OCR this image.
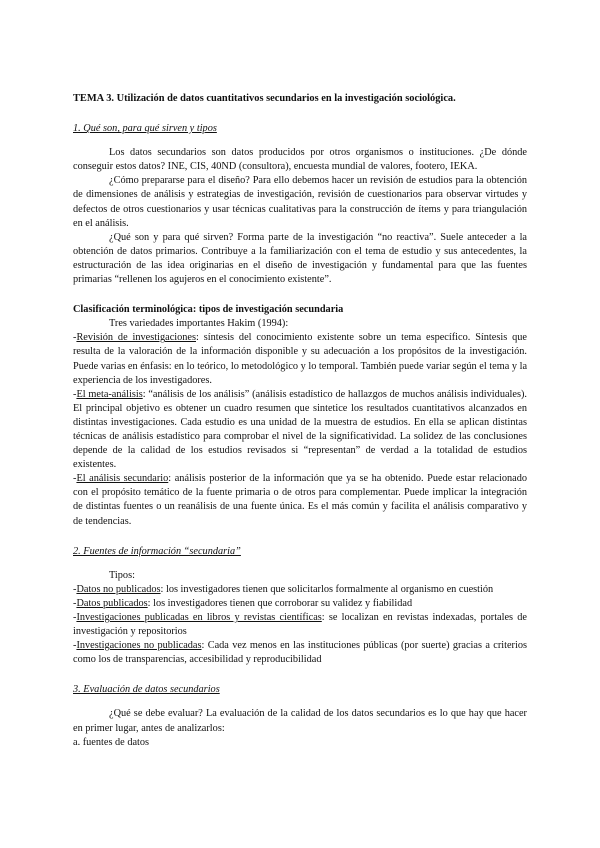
TEMA 3. Utilización de datos cuantitativos secundarios en la investigación sociológica.

1. Qué son, para qué sirven y tipos

Los datos secundarios son datos producidos por otros organismos o instituciones. ¿De dónde conseguir estos datos? INE, CIS, 40ND (consultora), encuesta mundial de valores, footero, IEKA.

¿Cómo prepararse para el diseño? Para ello debemos hacer un revisión de estudios para la obtención de dimensiones de análisis y estrategias de investigación, revisión de cuestionarios para observar virtudes y defectos de otros cuestionarios y usar técnicas cualitativas para la construcción de ítems y para triangulación en el análisis.

¿Qué son y para qué sirven? Forma parte de la investigación “no reactiva”. Suele anteceder a la obtención de datos primarios. Contribuye a la familiarización con el tema de estudio y sus antecedentes, la estructuración de las idea originarias en el diseño de investigación y fundamental para que las fuentes primarias “rellenen los agujeros en el conocimiento existente”.

Clasificación terminológica: tipos de investigación secundaria

Tres variedades importantes Hakim (1994):

-Revisión de investigaciones: síntesis del conocimiento existente sobre un tema específico. Síntesis que resulta de la valoración de la información disponible y su adecuación a los propósitos de la investigación. Puede varias en énfasis: en lo teórico, lo metodológico y lo temporal. También puede variar según el tema y la experiencia de los investigadores.

-El meta-análisis: “análisis de los análisis” (análisis estadístico de hallazgos de muchos análisis individuales). El principal objetivo es obtener un cuadro resumen que sintetice los resultados cuantitativos alcanzados en distintas investigaciones. Cada estudio es una unidad de la muestra de estudios. En ella se aplican distintas técnicas de análisis estadístico para comprobar el nivel de la significatividad. La solidez de las conclusiones depende de la calidad de los estudios revisados si “representan” de verdad a la totalidad de estudios existentes.

-El análisis secundario: análisis posterior de la información que ya se ha obtenido. Puede estar relacionado con el propósito temático de la fuente primaria o de otros para complementar. Puede implicar la integración de distintas fuentes o un reanálisis de una fuente única. Es el más común y facilita el análisis comparativo y de tendencias.

2. Fuentes de información “secundaria”

Tipos:

-Datos no publicados: los investigadores tienen que solicitarlos formalmente al organismo en cuestión

-Datos publicados: los investigadores tienen que corroborar su validez y fiabilidad

-Investigaciones publicadas en libros y revistas científicas: se localizan en revistas indexadas, portales de investigación y repositorios

-Investigaciones no publicadas: Cada vez menos en las instituciones públicas (por suerte) gracias a criterios como los de transparencias, accesibilidad y reproducibilidad

3. Evaluación de datos secundarios

¿Qué se debe evaluar? La evaluación de la calidad de los datos secundarios es lo que hay que hacer en primer lugar, antes de analizarlos:

a. fuentes de datos
